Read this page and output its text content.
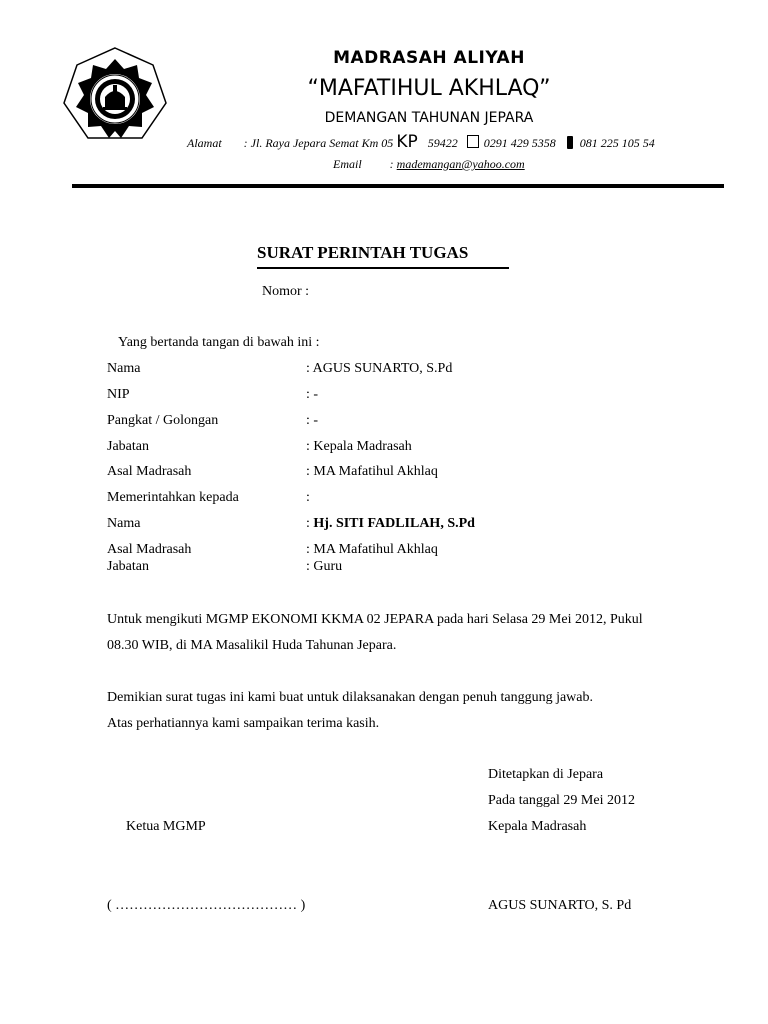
MADRASAH ALIYAH
“MAFATIHUL AKHLAQ”
DEMANGAN TAHUNAN JEPARA
Alamat : Jl. Raya Jepara Semat Km 05 KP 59422 0291 429 5358 081 225 105 54
Email : mademangan@yahoo.com
SURAT PERINTAH TUGAS
Nomor :
Yang bertanda tangan di bawah ini :
Nama	: AGUS SUNARTO, S.Pd
NIP	: -
Pangkat / Golongan	: -
Jabatan	: Kepala Madrasah
Asal Madrasah	: MA Mafatihul Akhlaq
Memerintahkan kepada	:
Nama	: Hj. SITI FADLILAH, S.Pd
Asal Madrasah	: MA Mafatihul Akhlaq
Jabatan	: Guru
Untuk mengikuti MGMP EKONOMI KKMA 02 JEPARA pada hari Selasa 29 Mei 2012, Pukul
08.30 WIB, di MA Masalikil Huda Tahunan Jepara.
Demikian surat tugas ini kami buat untuk dilaksanakan dengan penuh tanggung jawab.
Atas perhatiannya kami sampaikan terima kasih.
Ditetapkan di Jepara
Pada tanggal 29 Mei 2012
Ketua MGMP	Kepala Madrasah
( ………………………………… )	AGUS SUNARTO, S. Pd
